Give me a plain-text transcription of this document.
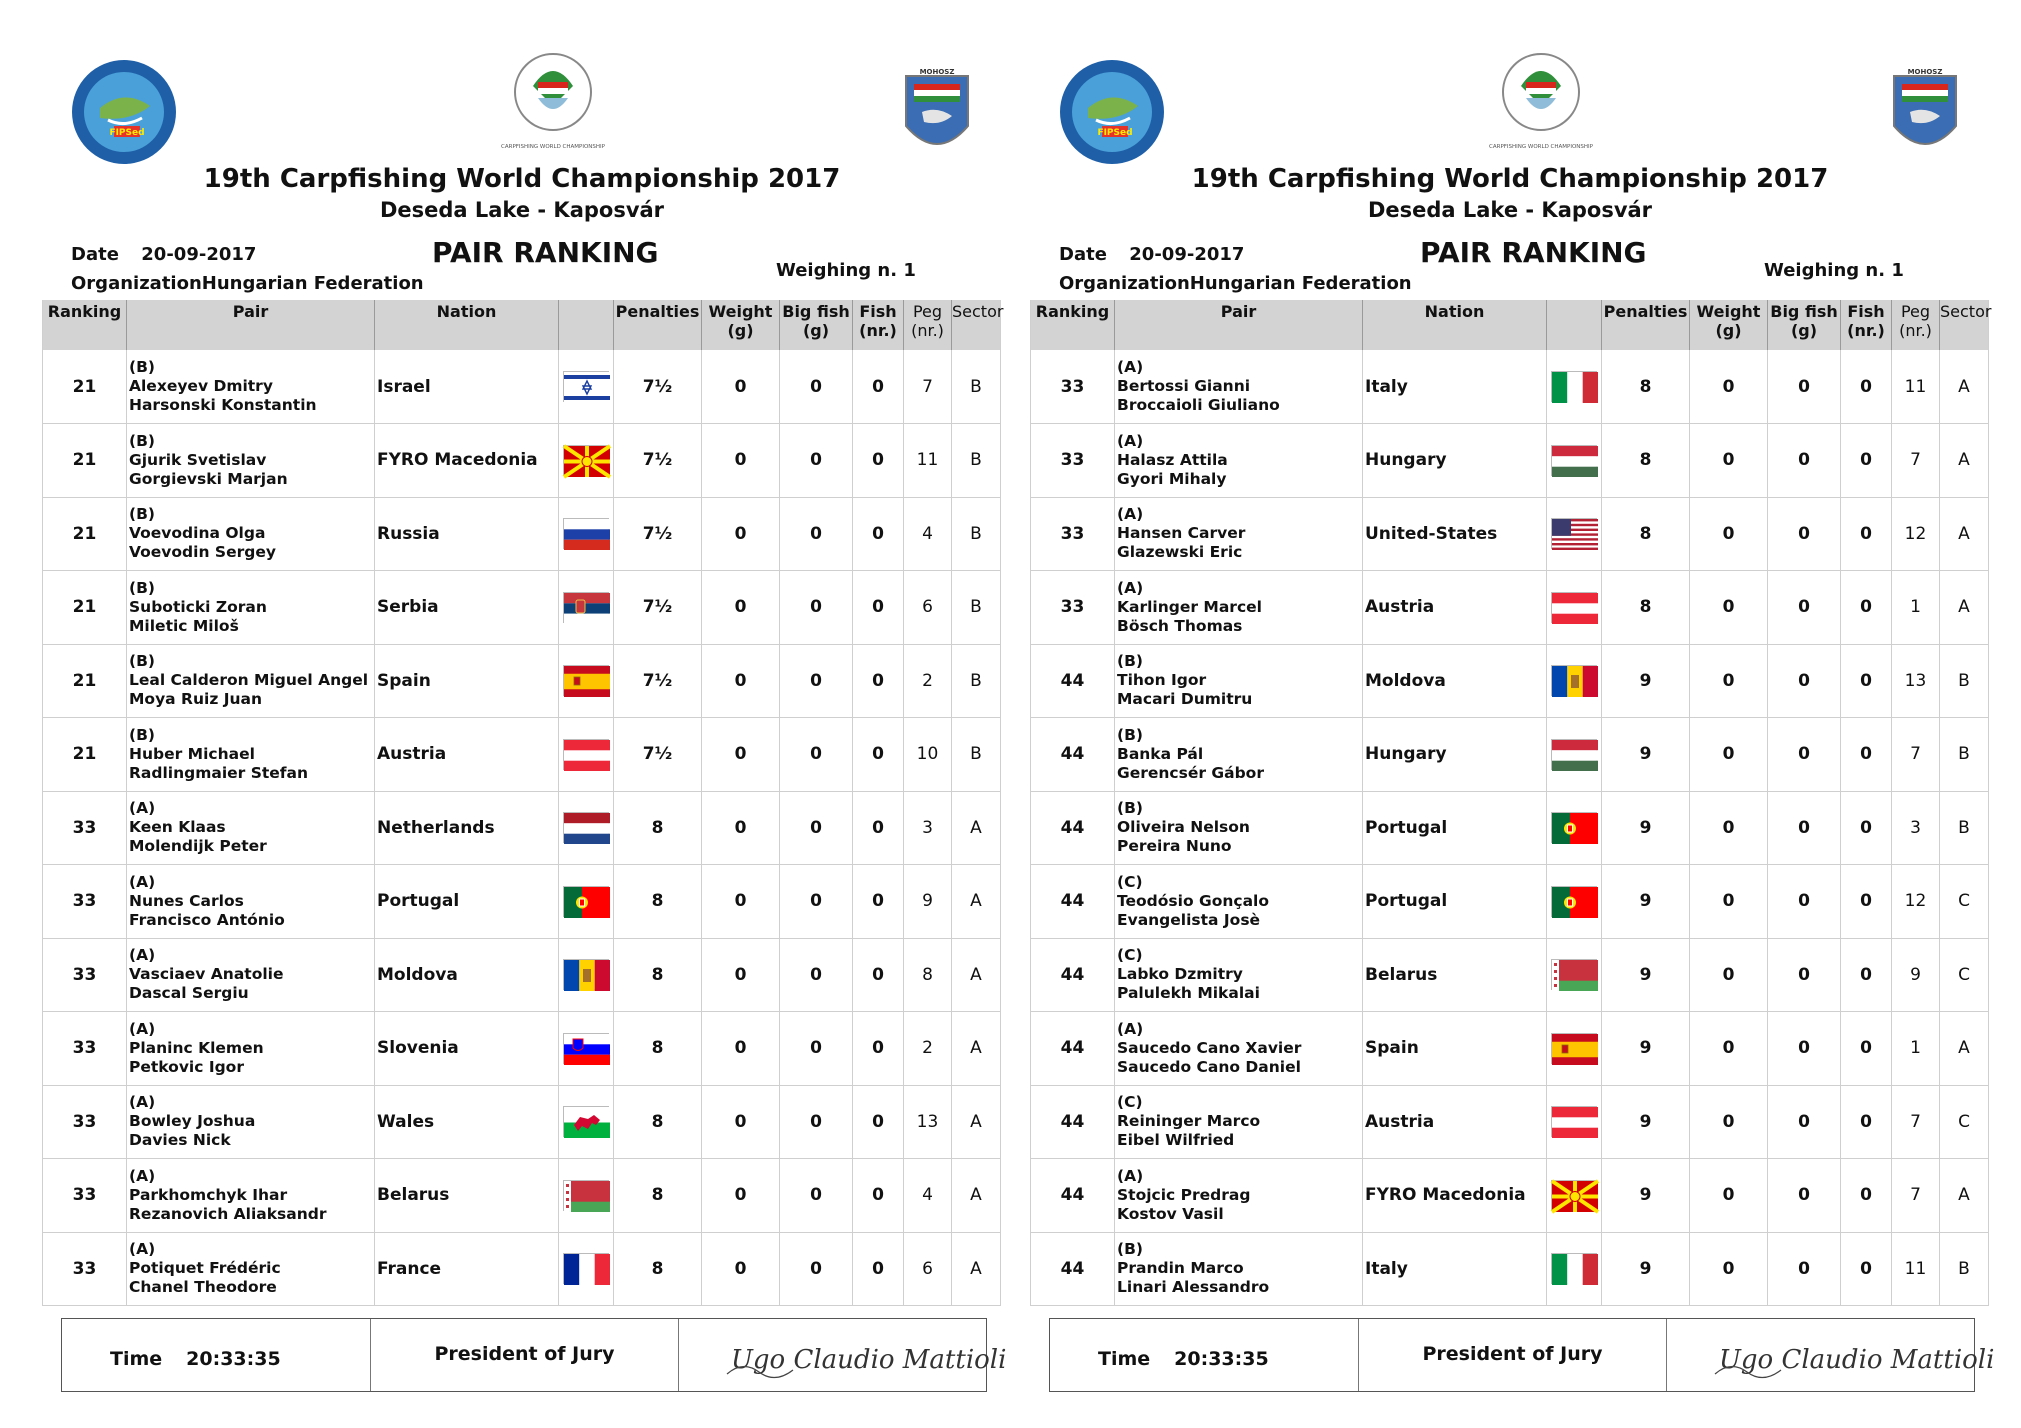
FIPSed
CARPFISHING WORLD CHAMPIONSHIP
MOHOSZ
19th Carpfishing World Championship 2017
Deseda Lake - Kaposvár
Date 20-09-2017
OrganizationHungarian Federation
PAIR RANKING
Weighing n. 1
Ranking	Pair	Nation		Penalties	Weight
(g)	Big fish
(g)	Fish
(nr.)	Peg
(nr.)	Sector
21	(B)
Alexeyev Dmitry
Harsonski Konstantin	Israel		7½	0	0	0	7	B
21	(B)
Gjurik Svetislav
Gorgievski Marjan	FYRO Macedonia		7½	0	0	0	11	B
21	(B)
Voevodina Olga
Voevodin Sergey	Russia		7½	0	0	0	4	B
21	(B)
Suboticki Zoran
Miletic Miloš	Serbia		7½	0	0	0	6	B
21	(B)
Leal Calderon Miguel Angel
Moya Ruiz Juan	Spain		7½	0	0	0	2	B
21	(B)
Huber Michael
Radlingmaier Stefan	Austria		7½	0	0	0	10	B
33	(A)
Keen Klaas
Molendijk Peter	Netherlands		8	0	0	0	3	A
33	(A)
Nunes Carlos
Francisco António	Portugal		8	0	0	0	9	A
33	(A)
Vasciaev Anatolie
Dascal Sergiu	Moldova		8	0	0	0	8	A
33	(A)
Planinc Klemen
Petkovic Igor	Slovenia		8	0	0	0	2	A
33	(A)
Bowley Joshua
Davies Nick	Wales		8	0	0	0	13	A
33	(A)
Parkhomchyk Ihar
Rezanovich Aliaksandr	Belarus		8	0	0	0	4	A
33	(A)
Potiquet Frédéric
Chanel Theodore	France		8	0	0	0	6	A
Time 20:33:35	President of Jury	Ugo Claudio Mattioli
FIPSed
CARPFISHING WORLD CHAMPIONSHIP
MOHOSZ
19th Carpfishing World Championship 2017
Deseda Lake - Kaposvár
Date 20-09-2017
OrganizationHungarian Federation
PAIR RANKING
Weighing n. 1
Ranking	Pair	Nation		Penalties	Weight
(g)	Big fish
(g)	Fish
(nr.)	Peg
(nr.)	Sector
33	(A)
Bertossi Gianni
Broccaioli Giuliano	Italy		8	0	0	0	11	A
33	(A)
Halasz Attila
Gyori Mihaly	Hungary		8	0	0	0	7	A
33	(A)
Hansen Carver
Glazewski Eric	United-States		8	0	0	0	12	A
33	(A)
Karlinger Marcel
Bösch Thomas	Austria		8	0	0	0	1	A
44	(B)
Tihon Igor
Macari Dumitru	Moldova		9	0	0	0	13	B
44	(B)
Banka Pál
Gerencsér Gábor	Hungary		9	0	0	0	7	B
44	(B)
Oliveira Nelson
Pereira Nuno	Portugal		9	0	0	0	3	B
44	(C)
Teodósio Gonçalo
Evangelista Josè	Portugal		9	0	0	0	12	C
44	(C)
Labko Dzmitry
Palulekh Mikalai	Belarus		9	0	0	0	9	C
44	(A)
Saucedo Cano Xavier
Saucedo Cano Daniel	Spain		9	0	0	0	1	A
44	(C)
Reininger Marco
Eibel Wilfried	Austria		9	0	0	0	7	C
44	(A)
Stojcic Predrag
Kostov Vasil	FYRO Macedonia		9	0	0	0	7	A
44	(B)
Prandin Marco
Linari Alessandro	Italy		9	0	0	0	11	B
Time 20:33:35	President of Jury	Ugo Claudio Mattioli
